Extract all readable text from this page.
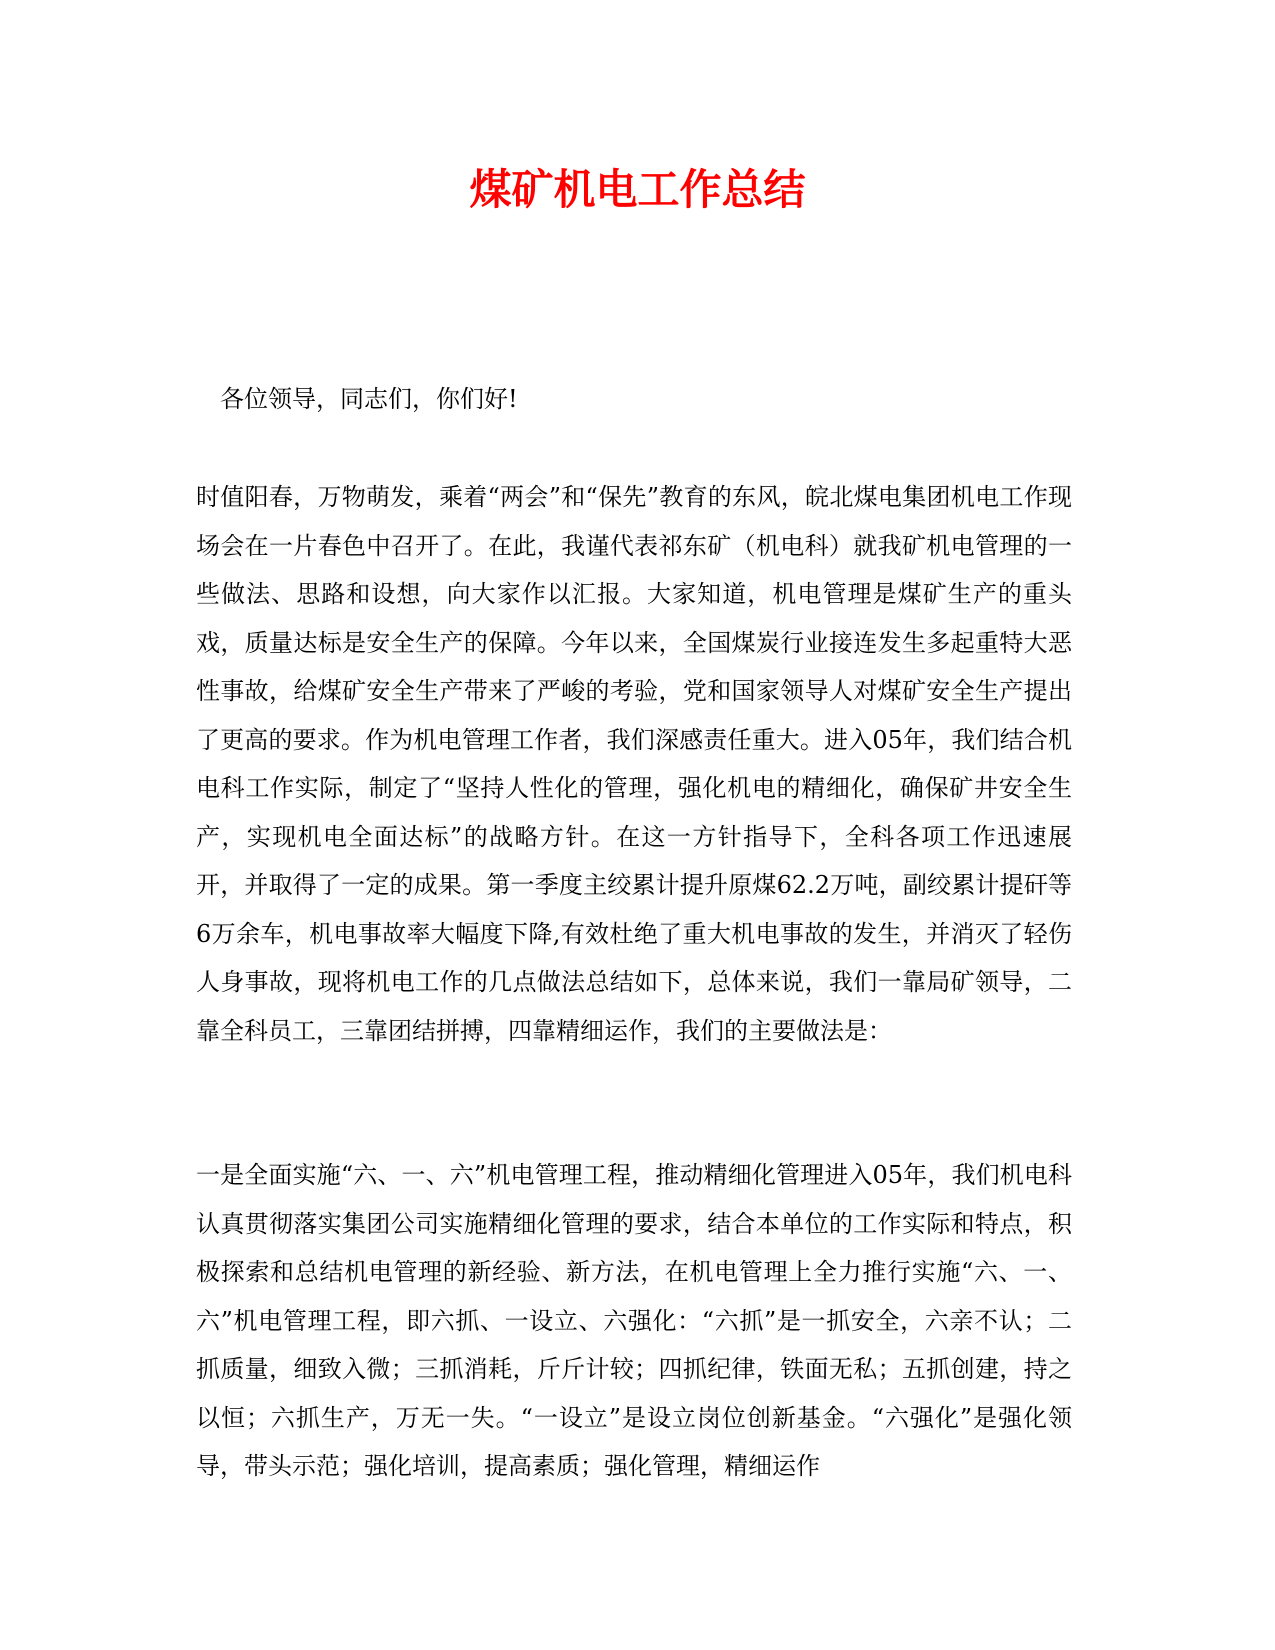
煤矿机电工作总结

各位领导，同志们，你们好!

时值阳春，万物萌发，乘着“两会”和“保先”教育的东风，皖北煤电集团机电工作现场会在一片春色中召开了。在此，我谨代表祁东矿（机电科）就我矿机电管理的一些做法、思路和设想，向大家作以汇报。大家知道，机电管理是煤矿生产的重头戏，质量达标是安全生产的保障。今年以来，全国煤炭行业接连发生多起重特大恶性事故，给煤矿安全生产带来了严峻的考验，党和国家领导人对煤矿安全生产提出了更高的要求。作为机电管理工作者，我们深感责任重大。进入05年，我们结合机电科工作实际，制定了“坚持人性化的管理，强化机电的精细化，确保矿井安全生产，实现机电全面达标”的战略方针。在这一方针指导下，全科各项工作迅速展开，并取得了一定的成果。第一季度主绞累计提升原煤62.2万吨，副绞累计提矸等6万余车，机电事故率大幅度下降,有效杜绝了重大机电事故的发生，并消灭了轻伤人身事故，现将机电工作的几点做法总结如下，总体来说，我们一靠局矿领导，二靠全科员工，三靠团结拼搏，四靠精细运作，我们的主要做法是：

一是全面实施“六、一、六”机电管理工程，推动精细化管理进入05年，我们机电科认真贯彻落实集团公司实施精细化管理的要求，结合本单位的工作实际和特点，积极探索和总结机电管理的新经验、新方法，在机电管理上全力推行实施“六、一、六”机电管理工程，即六抓、一设立、六强化：“六抓”是一抓安全，六亲不认；二抓质量，细致入微；三抓消耗，斤斤计较；四抓纪律，铁面无私；五抓创建，持之以恒；六抓生产，万无一失。“一设立”是设立岗位创新基金。“六强化”是强化领导，带头示范；强化培训，提高素质；强化管理，精细运作
